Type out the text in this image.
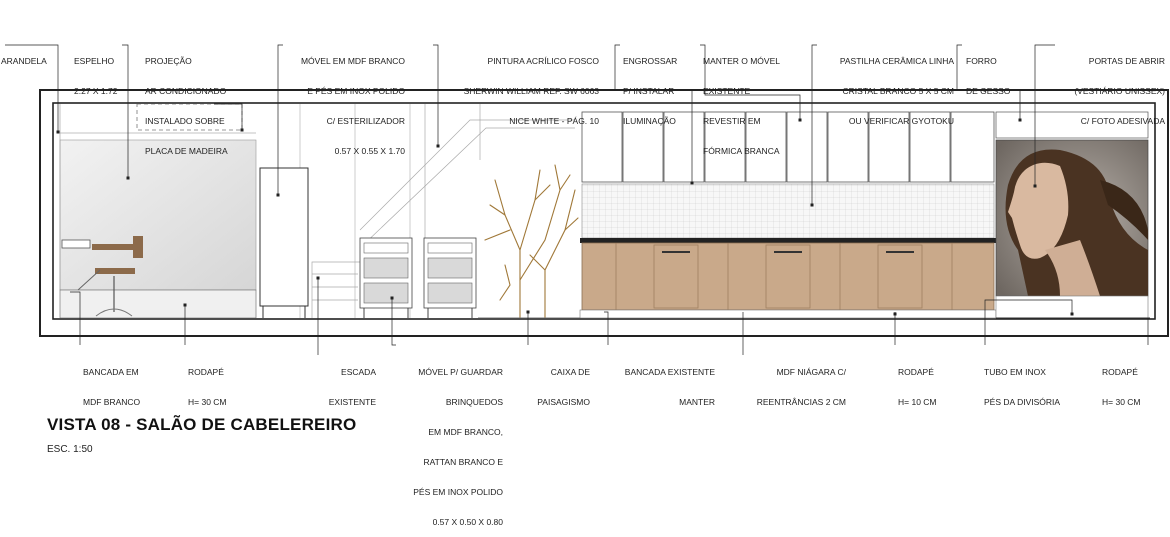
ARANDELA

	ESPELHO

2.27 X 1.72

PROJEÇÃO

AR CONDICIONADO

INSTALADO SOBRE

PLACA DE MADEIRA

MÓVEL EM MDF BRANCO

E PÉS EM INOX POLIDO

C/ ESTERILIZADOR

0.57 X 0.55 X 1.70

PINTURA ACRÍLICO FOSCO

SHERWIN WILLIAM REF. SW 6063

NICE WHITE - PÁG. 10

ENGROSSAR

P/ INSTALAR

ILUMINAÇÃO

MANTER O MÓVEL

EXISTENTE

REVESTIR EM

FÓRMICA BRANCA

PASTILHA CERÂMICA LINHA

CRISTAL BRANCO 5 X 5 CM

OU VERIFICAR GYOTOKU

FORRO

DE GESSO

PORTAS DE ABRIR

(VESTIÁRIO UNISSEX)

C/ FOTO ADESIVADA

BANCADA EM

MDF BRANCO

RODAPÉ

H= 30 CM

ESCADA

EXISTENTE

MÓVEL P/ GUARDAR

BRINQUEDOS

EM MDF BRANCO,

RATTAN BRANCO E

PÉS EM INOX POLIDO

0.57 X 0.50 X 0.80

CAIXA DE

PAISAGISMO

BANCADA EXISTENTE

MANTER

MDF NIÁGARA C/

REENTRÂNCIAS 2 CM

RODAPÉ

H= 10 CM

TUBO EM INOX

PÉS DA DIVISÓRIA

RODAPÉ

H= 30 CM

VISTA 08 - SALÃO DE CABELEREIRO
ESC. 1:50
